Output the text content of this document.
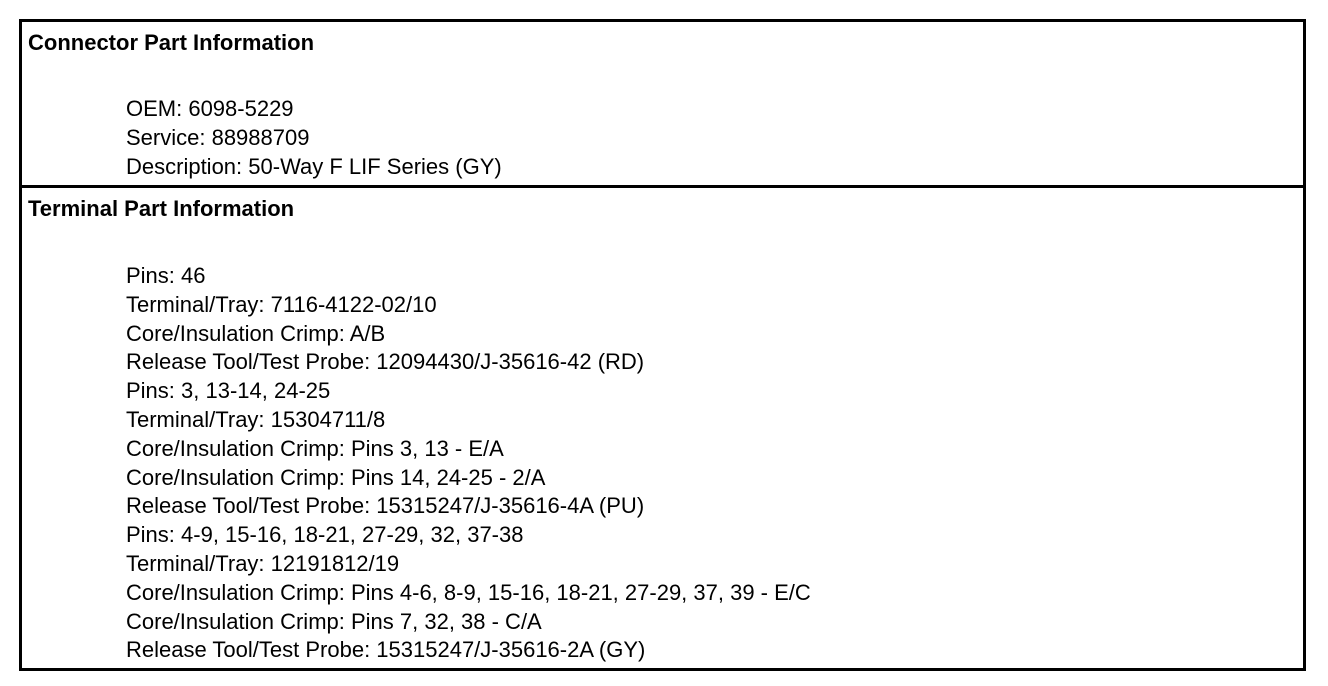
Connector Part Information
OEM: 6098-5229
Service: 88988709
Description: 50-Way F LIF Series (GY)
Terminal Part Information
Pins: 46
Terminal/Tray: 7116-4122-02/10
Core/Insulation Crimp: A/B
Release Tool/Test Probe: 12094430/J-35616-42 (RD)
Pins: 3, 13-14, 24-25
Terminal/Tray: 15304711/8
Core/Insulation Crimp: Pins 3, 13 - E/A
Core/Insulation Crimp: Pins 14, 24-25 - 2/A
Release Tool/Test Probe: 15315247/J-35616-4A (PU)
Pins: 4-9, 15-16, 18-21, 27-29, 32, 37-38
Terminal/Tray: 12191812/19
Core/Insulation Crimp: Pins 4-6, 8-9, 15-16, 18-21, 27-29, 37, 39 - E/C
Core/Insulation Crimp: Pins 7, 32, 38 - C/A
Release Tool/Test Probe: 15315247/J-35616-2A (GY)
